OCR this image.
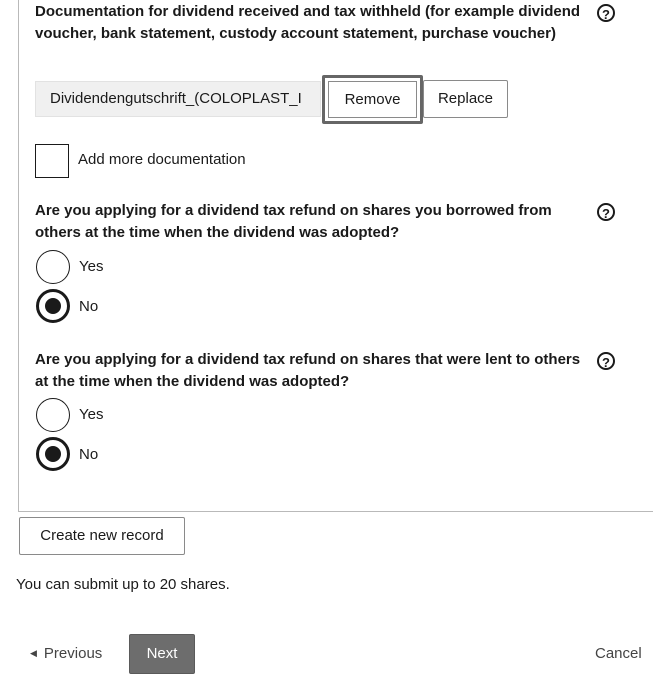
Documentation for dividend received and tax withheld (for example dividend voucher, bank statement, custody account statement, purchase voucher)
?
Dividendengutschrift_(COLOPLAST_I	Remove	Replace
Add more documentation
Are you applying for a dividend tax refund on shares you borrowed from others at the time when the dividend was adopted?
?
Yes
No
Are you applying for a dividend tax refund on shares that were lent to others at the time when the dividend was adopted?
?
Yes
No
Create new record
You can submit up to 20 shares.
◀ Previous	Next	Cancel
